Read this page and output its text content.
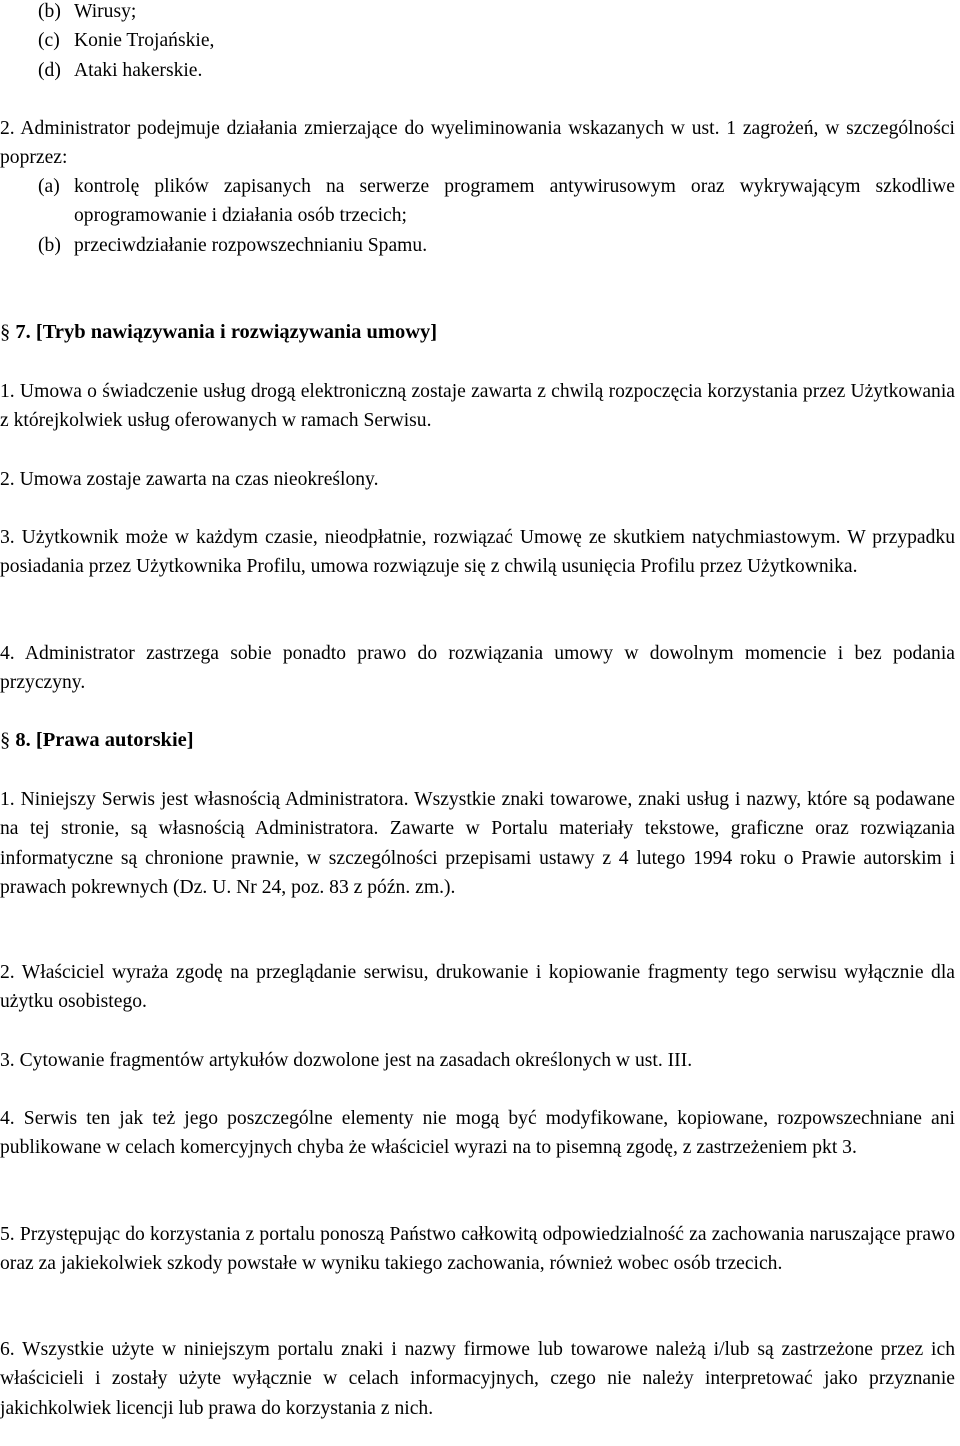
(b) Wirusy;

(c) Konie Trojańskie,

(d) Ataki hakerskie.

2. Administrator podejmuje działania zmierzające do wyeliminowania wskazanych w ust. 1 zagrożeń, w szczególności poprzez:

(a) kontrolę plików zapisanych na serwerze programem antywirusowym oraz wykrywającym szkodliwe oprogramowanie i działania osób trzecich;

(b) przeciwdziałanie rozpowszechnianiu Spamu.

§ 7. [Tryb nawiązywania i rozwiązywania umowy]

1. Umowa o świadczenie usług drogą elektroniczną zostaje zawarta z chwilą rozpoczęcia korzystania przez Użytkowania z którejkolwiek usług oferowanych w ramach Serwisu.

2. Umowa zostaje zawarta na czas nieokreślony.

3. Użytkownik może w każdym czasie, nieodpłatnie, rozwiązać Umowę ze skutkiem natychmiastowym. W przypadku posiadania przez Użytkownika Profilu, umowa rozwiązuje się z chwilą usunięcia Profilu przez Użytkownika.

4. Administrator zastrzega sobie ponadto prawo do rozwiązania umowy w dowolnym momencie i bez podania przyczyny.

§ 8. [Prawa autorskie]

1. Niniejszy Serwis jest własnością Administratora. Wszystkie znaki towarowe, znaki usług i nazwy, które są podawane na tej stronie, są własnością Administratora. Zawarte w Portalu materiały tekstowe, graficzne oraz rozwiązania informatyczne są chronione prawnie, w szczególności przepisami ustawy z 4 lutego 1994 roku o Prawie autorskim i prawach pokrewnych (Dz. U. Nr 24, poz. 83 z późn. zm.).

2. Właściciel wyraża zgodę na przeglądanie serwisu, drukowanie i kopiowanie fragmenty tego serwisu wyłącznie dla użytku osobistego.

3. Cytowanie fragmentów artykułów dozwolone jest na zasadach określonych w ust. III.

4. Serwis ten jak też jego poszczególne elementy nie mogą być modyfikowane, kopiowane, rozpowszechniane ani publikowane w celach komercyjnych chyba że właściciel wyrazi na to pisemną zgodę, z zastrzeżeniem pkt 3.

5. Przystępując do korzystania z portalu ponoszą Państwo całkowitą odpowiedzialność za zachowania naruszające prawo oraz za jakiekolwiek szkody powstałe w wyniku takiego zachowania, również wobec osób trzecich.

6. Wszystkie użyte w niniejszym portalu znaki i nazwy firmowe lub towarowe należą i/lub są zastrzeżone przez ich właścicieli i zostały użyte wyłącznie w celach informacyjnych, czego nie należy interpretować jako przyznanie jakichkolwiek licencji lub prawa do korzystania z nich.
